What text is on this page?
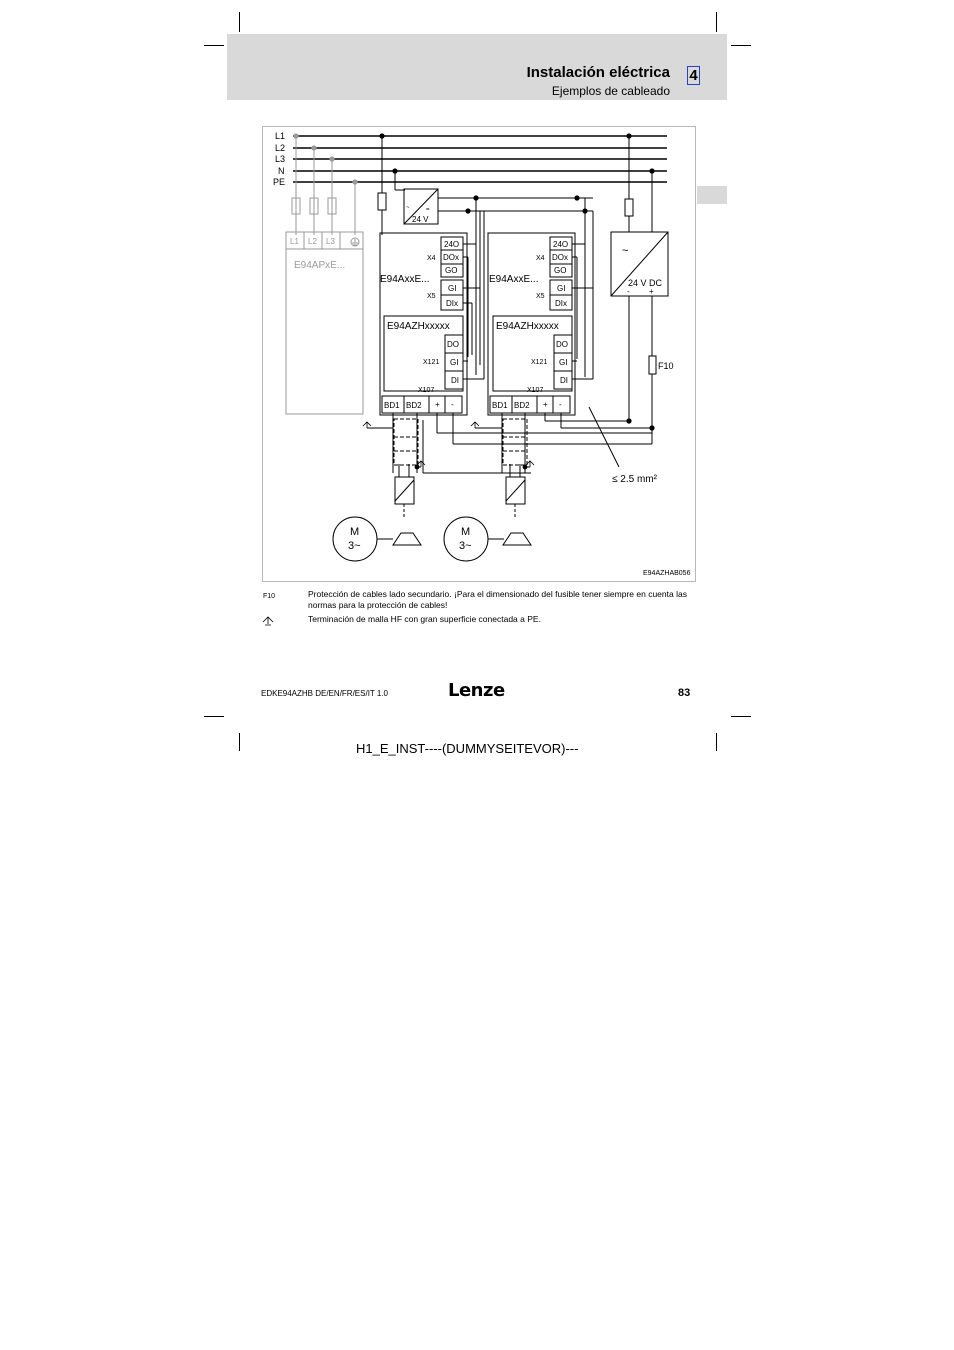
Instalación eléctrica
Ejemplos de cableado
4
L1
L2
L3
N
PE
L1 L2 L3
E94APxE...
~	=
24 V
24O
DOx
GO
GI
DIx
DO
GI
DI
BD1 BD2 + -
X4
X5
X121
X107
E94AxxE...
E94AZHxxxxx
M
3~
24O
DOx
GO
GI
DIx
DO
GI
DI
BD1 BD2 + -
X4
X5
X121
X107
E94AxxE...
E94AZHxxxxx
M
3~
~
24 V DC
- +
F10
≤ 2.5 mm²
E94AZHAB056
F10	Protección de cables lado secundario. ¡Para el dimensionado del fusible tener siempre en cuenta las normas para la protección de cables!
Terminación de malla HF con gran superficie conectada a PE.
EDKE94AZHB DE/EN/FR/ES/IT 1.0	Lenze	83
H1_E_INST----(DUMMYSEITEVOR)---
